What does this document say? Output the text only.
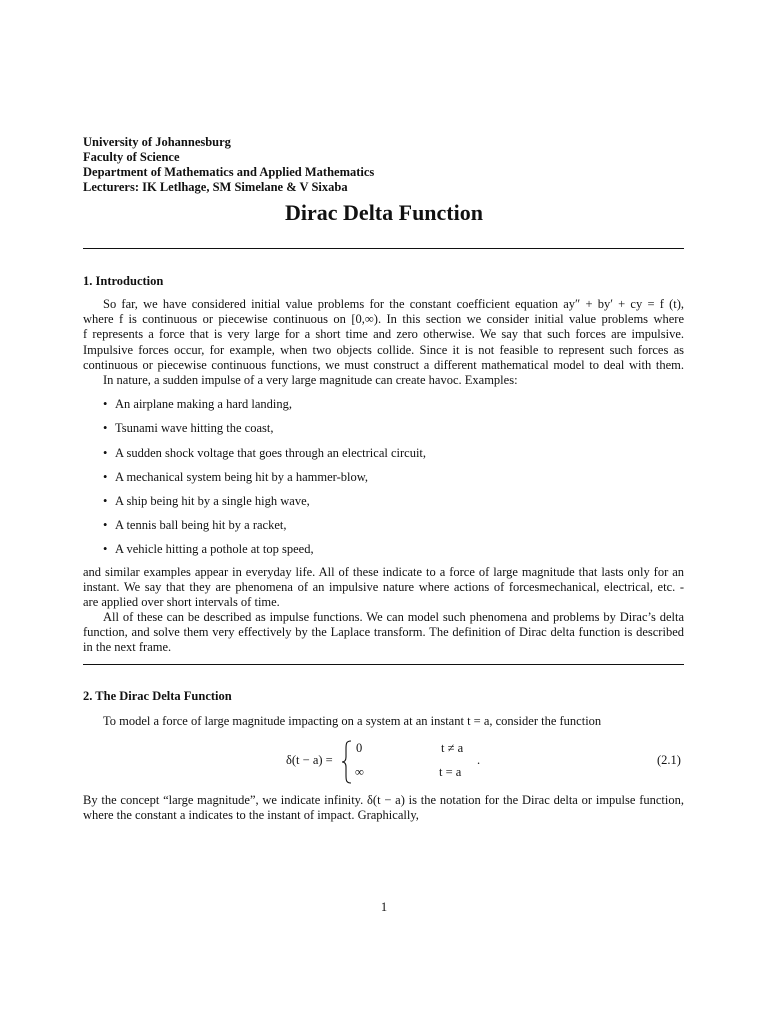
University of Johannesburg
Faculty of Science
Department of Mathematics and Applied Mathematics
Lecturers: IK Letlhage, SM Simelane & V Sixaba
Dirac Delta Function
1. Introduction
So far, we have considered initial value problems for the constant coefficient equation ay″ + by′ + cy = f (t),
where f is continuous or piecewise continuous on [0,∞). In this section we consider initial value problems where
f represents a force that is very large for a short time and zero otherwise. We say that such forces are impulsive.
Impulsive forces occur, for example, when two objects collide. Since it is not feasible to represent such forces as
continuous or piecewise continuous functions, we must construct a different mathematical model to deal with them.
In nature, a sudden impulse of a very large magnitude can create havoc. Examples:
• An airplane making a hard landing,
• Tsunami wave hitting the coast,
• A sudden shock voltage that goes through an electrical circuit,
• A mechanical system being hit by a hammer-blow,
• A ship being hit by a single high wave,
• A tennis ball being hit by a racket,
• A vehicle hitting a pothole at top speed,
and similar examples appear in everyday life. All of these indicate to a force of large magnitude that lasts only for an
instant. We say that they are phenomena of an impulsive nature where actions of forcesmechanical, electrical, etc. -
are applied over short intervals of time.
All of these can be described as impulse functions. We can model such phenomena and problems by Dirac’s delta
function, and solve them very effectively by the Laplace transform. The definition of Dirac delta function is described
in the next frame.
2. The Dirac Delta Function
To model a force of large magnitude impacting on a system at an instant t = a, consider the function
δ(t − a) =
0	t ≠ a
∞	t = a
.	(2.1)
By the concept “large magnitude”, we indicate infinity. δ(t − a) is the notation for the Dirac delta or impulse function,
where the constant a indicates to the instant of impact. Graphically,
1
